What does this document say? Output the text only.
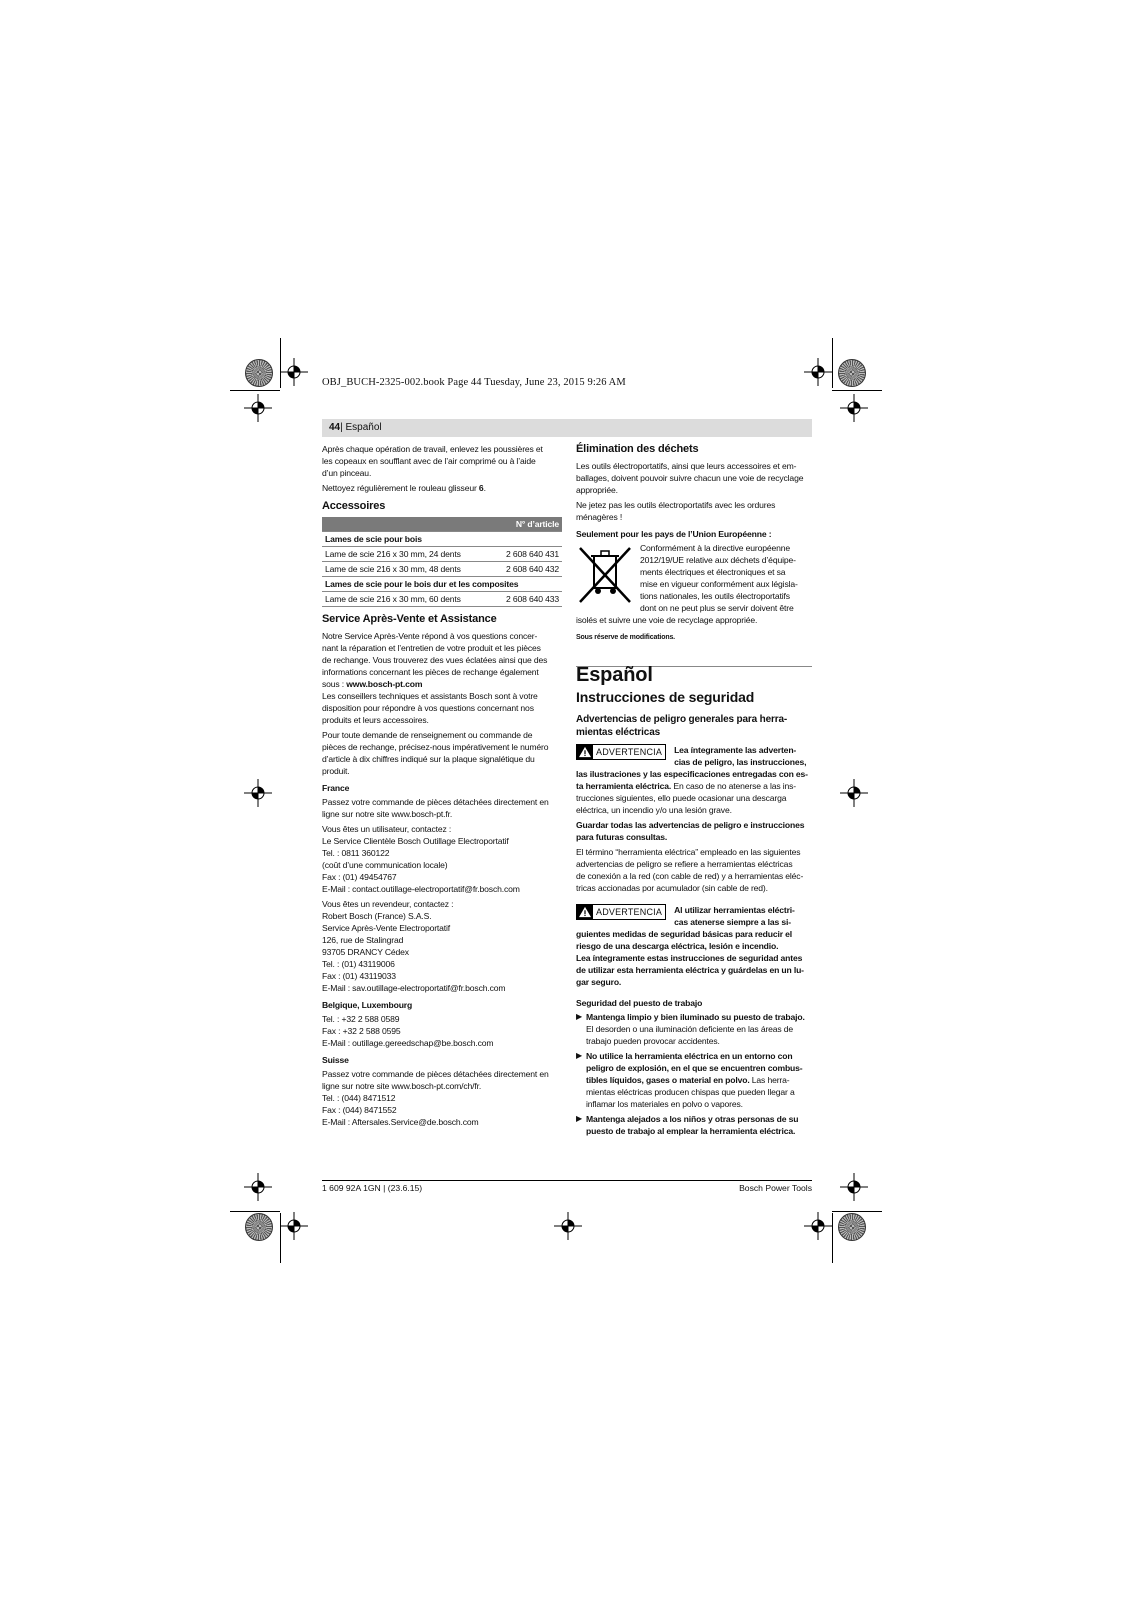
OBJ_BUCH-2325-002.book Page 44 Tuesday, June 23, 2015 9:26 AM
44| Español

Après chaque opération de travail, enlevez les poussières et
les copeaux en soufflant avec de l’air comprimé ou à l’aide
d’un pinceau.

Nettoyez régulièrement le rouleau glisseur 6.

Accessoires
N° d’article	
Lames de scie pour bois	
Lame de scie 216 x 30 mm, 24 dents	2 608 640 431
Lame de scie 216 x 30 mm, 48 dents	2 608 640 432
Lames de scie pour le bois dur et les composites	
Lame de scie 216 x 30 mm, 60 dents	2 608 640 433
Service Après-Vente et Assistance

Notre Service Après-Vente répond à vos questions concer-
nant la réparation et l’entretien de votre produit et les pièces
de rechange. Vous trouverez des vues éclatées ainsi que des
informations concernant les pièces de rechange également
sous : www.bosch-pt.com
Les conseillers techniques et assistants Bosch sont à votre
disposition pour répondre à vos questions concernant nos
produits et leurs accessoires.

Pour toute demande de renseignement ou commande de
pièces de rechange, précisez-nous impérativement le numéro
d’article à dix chiffres indiqué sur la plaque signalétique du
produit.

France

Passez votre commande de pièces détachées directement en
ligne sur notre site www.bosch-pt.fr.

Vous êtes un utilisateur, contactez :
Le Service Clientèle Bosch Outillage Electroportatif
Tel. : 0811 360122
(coût d’une communication locale)
Fax : (01) 49454767
E-Mail : contact.outillage-electroportatif@fr.bosch.com

Vous êtes un revendeur, contactez :
Robert Bosch (France) S.A.S.
Service Après-Vente Electroportatif
126, rue de Stalingrad
93705 DRANCY Cédex
Tel. : (01) 43119006
Fax : (01) 43119033
E-Mail : sav.outillage-electroportatif@fr.bosch.com

Belgique, Luxembourg

Tel. : +32 2 588 0589
Fax : +32 2 588 0595
E-Mail : outillage.gereedschap@be.bosch.com

Suisse

Passez votre commande de pièces détachées directement en
ligne sur notre site www.bosch-pt.com/ch/fr.
Tel. : (044) 8471512
Fax : (044) 8471552
E-Mail : Aftersales.Service@de.bosch.com

Élimination des déchets

Les outils électroportatifs, ainsi que leurs accessoires et em-
ballages, doivent pouvoir suivre chacun une voie de recyclage
appropriée.

Ne jetez pas les outils électroportatifs avec les ordures
ménagères !

Seulement pour les pays de l’Union Européenne :
Conformément à la directive européenne
2012/19/UE relative aux déchets d’équipe-
ments électriques et électroniques et sa
mise en vigueur conformément aux législa-
tions nationales, les outils électroportatifs
dont on ne peut plus se servir doivent être

isolés et suivre une voie de recyclage appropriée.

Sous réserve de modifications.

Español
Instrucciones de seguridad
Advertencias de peligro generales para herra-
mientas eléctricas
ADVERTENCIA Lea íntegramente las adverten-
cias de peligro, las instrucciones,
las ilustraciones y las especificaciones entregadas con es-
ta herramienta eléctrica. En caso de no atenerse a las ins-
trucciones siguientes, ello puede ocasionar una descarga
eléctrica, un incendio y/o una lesión grave.

Guardar todas las advertencias de peligro e instrucciones
para futuras consultas.

El término “herramienta eléctrica” empleado en las siguientes
advertencias de peligro se refiere a herramientas eléctricas
de conexión a la red (con cable de red) y a herramientas eléc-
tricas accionadas por acumulador (sin cable de red).

ADVERTENCIA Al utilizar herramientas eléctri-
cas atenerse siempre a las si-
guientes medidas de seguridad básicas para reducir el
riesgo de una descarga eléctrica, lesión e incendio.
Lea íntegramente estas instrucciones de seguridad antes
de utilizar esta herramienta eléctrica y guárdelas en un lu-
gar seguro.
Seguridad del puesto de trabajo
▶ Mantenga limpio y bien iluminado su puesto de trabajo.
El desorden o una iluminación deficiente en las áreas de
trabajo pueden provocar accidentes.
▶ No utilice la herramienta eléctrica en un entorno con
peligro de explosión, en el que se encuentren combus-
tibles líquidos, gases o material en polvo. Las herra-
mientas eléctricas producen chispas que pueden llegar a
inflamar los materiales en polvo o vapores.
▶ Mantenga alejados a los niños y otras personas de su
puesto de trabajo al emplear la herramienta eléctrica.
1 609 92A 1GN | (23.6.15)	Bosch Power Tools
